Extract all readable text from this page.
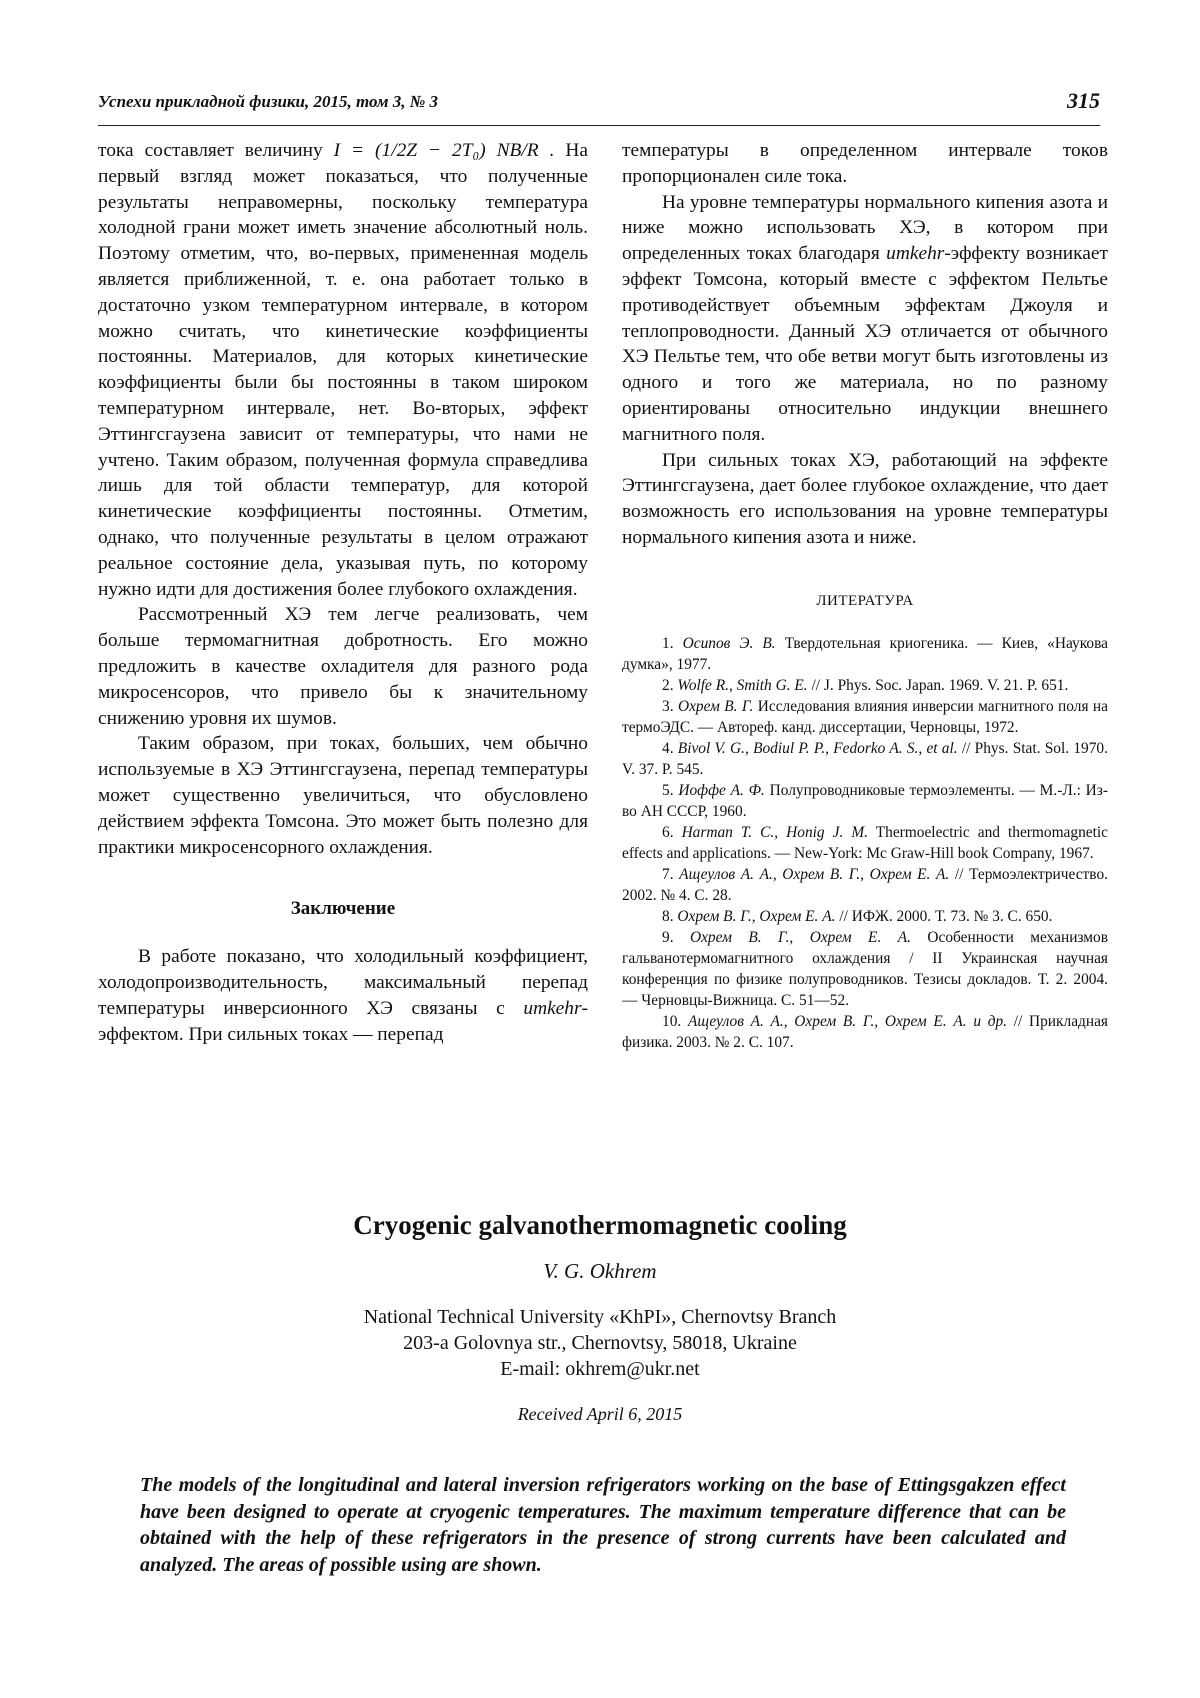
Успехи прикладной физики, 2015, том 3, № 3	315

тока составляет величину I = (1/2Z − 2T₀) NB/R . На первый взгляд может показаться, что полученные результаты неправомерны, поскольку температура холодной грани может иметь значение абсолютный ноль. Поэтому отметим, что, во-первых, примененная модель является приближенной, т. е. она работает только в достаточно узком температурном интервале, в котором можно считать, что кинетические коэффициенты постоянны. Материалов, для которых кинетические коэффициенты были бы постоянны в таком широком температурном интервале, нет. Во-вторых, эффект Эттингсгаузена зависит от температуры, что нами не учтено. Таким образом, полученная формула справедлива лишь для той области температур, для которой кинетические коэффициенты постоянны. Отметим, однако, что полученные результаты в целом отражают реальное состояние дела, указывая путь, по которому нужно идти для достижения более глубокого охлаждения.

Рассмотренный ХЭ тем легче реализовать, чем больше термомагнитная добротность. Его можно предложить в качестве охладителя для разного рода микросенсоров, что привело бы к значительному снижению уровня их шумов.

Таким образом, при токах, больших, чем обычно используемые в ХЭ Эттингсгаузена, перепад температуры может существенно увеличиться, что обусловлено действием эффекта Томсона. Это может быть полезно для практики микросенсорного охлаждения.

Заключение

В работе показано, что холодильный коэффициент, холодопроизводительность, максимальный перепад температуры инверсионного ХЭ связаны с umkehr-эффектом. При сильных токах — перепад

температуры в определенном интервале токов пропорционален силе тока.

На уровне температуры нормального кипения азота и ниже можно использовать ХЭ, в котором при определенных токах благодаря umkehr-эффекту возникает эффект Томсона, который вместе с эффектом Пельтье противодействует объемным эффектам Джоуля и теплопроводности. Данный ХЭ отличается от обычного ХЭ Пельтье тем, что обе ветви могут быть изготовлены из одного и того же материала, но по разному ориентированы относительно индукции внешнего магнитного поля.

При сильных токах ХЭ, работающий на эффекте Эттингсгаузена, дает более глубокое охлаждение, что дает возможность его использования на уровне температуры нормального кипения азота и ниже.

ЛИТЕРАТУРА

1. Осипов Э. В. Твердотельная криогеника. — Киев, «Наукова думка», 1977.

2. Wolfe R., Smith G. E. // J. Phys. Soc. Japan. 1969. V. 21. P. 651.

3. Охрем В. Г. Исследования влияния инверсии магнитного поля на термоЭДС. — Автореф. канд. диссертации, Черновцы, 1972.

4. Bivol V. G., Bodiul P. P., Fedorko A. S., et al. // Phys. Stat. Sol. 1970. V. 37. P. 545.

5. Иоффе А. Ф. Полупроводниковые термоэлементы. — М.-Л.: Из-во АН СССР, 1960.

6. Harman T. C., Honig J. M. Thermoelectric and thermomagnetic effects and applications. — New-York: Mc Graw-Hill book Company, 1967.

7. Ащеулов А. А., Охрем В. Г., Охрем Е. А. // Термоэлектричество. 2002. № 4. С. 28.

8. Охрем В. Г., Охрем Е. А. // ИФЖ. 2000. Т. 73. № 3. С. 650.

9. Охрем В. Г., Охрем Е. А. Особенности механизмов гальванотермомагнитного охлаждения / II Украинская научная конференция по физике полупроводников. Тезисы докладов. Т. 2. 2004. — Черновцы-Вижница. С. 51—52.

10. Ащеулов А. А., Охрем В. Г., Охрем Е. А. и др. // Прикладная физика. 2003. № 2. С. 107.

Cryogenic galvanothermomagnetic cooling
V. G. Okhrem
National Technical University «KhPI», Chernovtsy Branch
203-a Golovnya str., Chernovtsy, 58018, Ukraine
E-mail: okhrem@ukr.net
Received April 6, 2015
The models of the longitudinal and lateral inversion refrigerators working on the base of Ettingsgakzen effect have been designed to operate at cryogenic temperatures. The maximum temperature difference that can be obtained with the help of these refrigerators in the presence of strong currents have been calculated and analyzed. The areas of possible using are shown.
